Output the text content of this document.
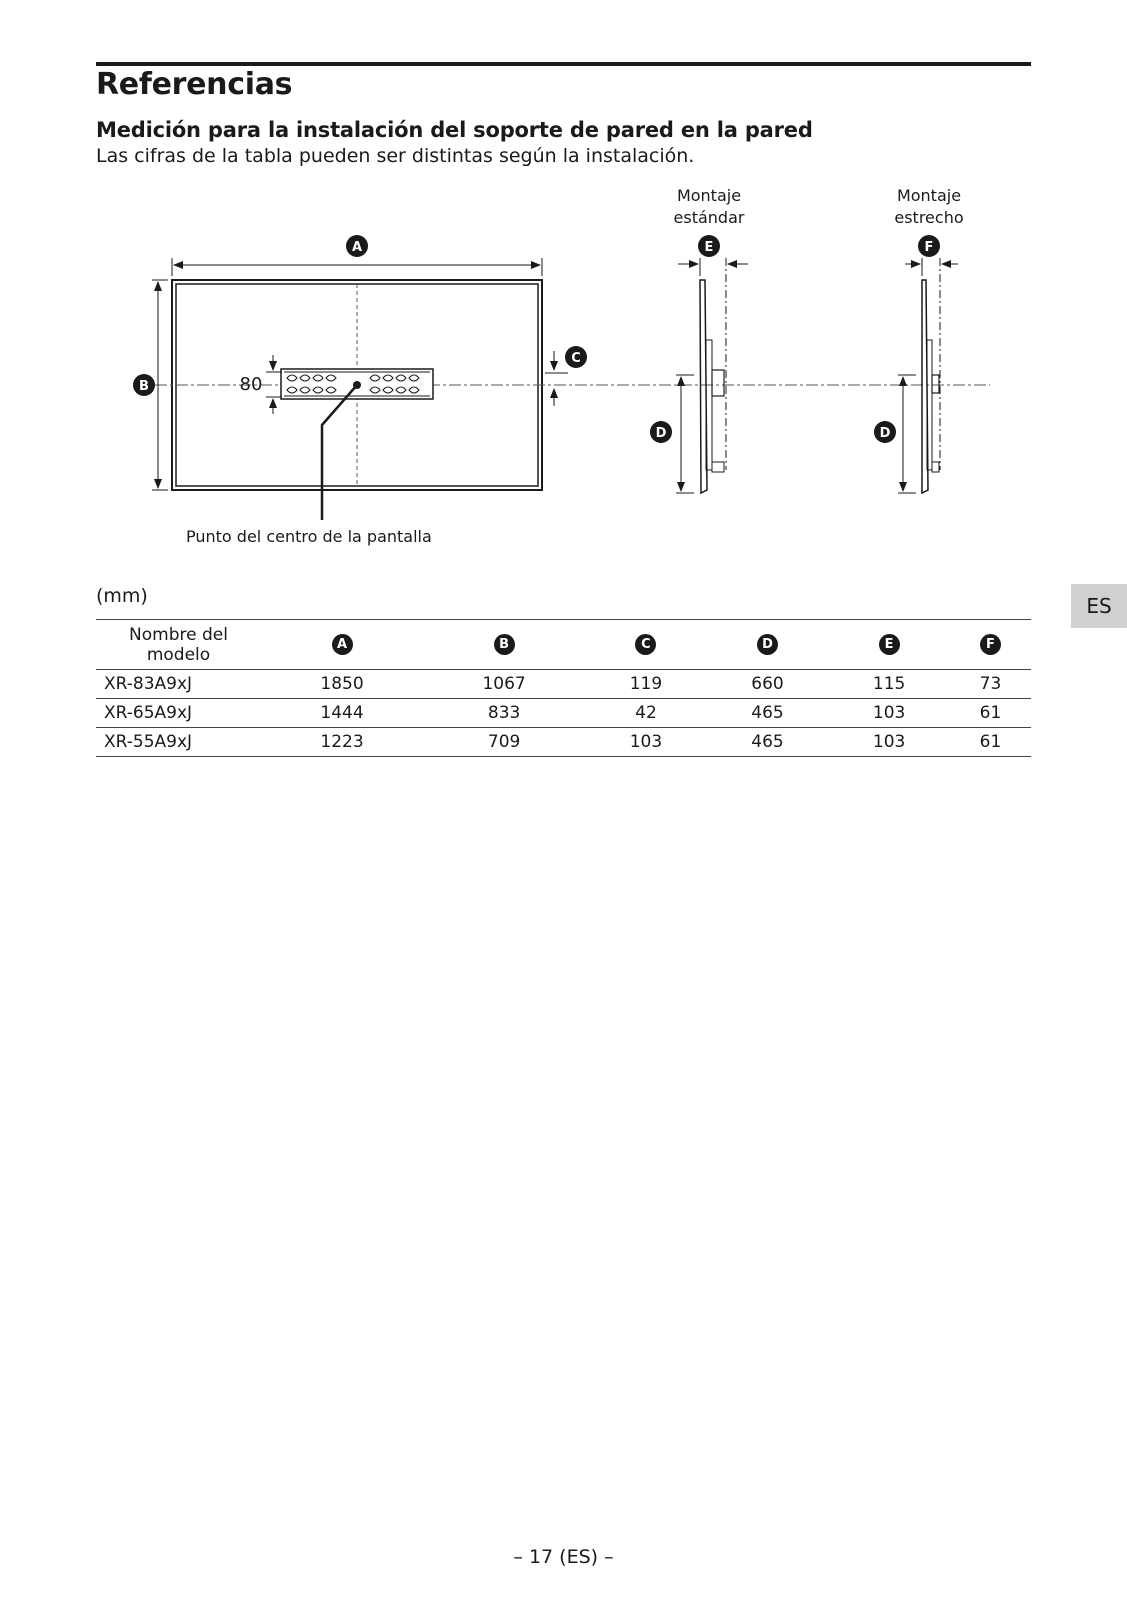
Referencias
Medición para la instalación del soporte de pared en la pared
Las cifras de la tabla pueden ser distintas según la instalación.
A
B
C
D	D
E	F
Montaje
estándar
Montaje
estrecho
80
Punto del centro de la pantalla
(mm)
Nombre del
modelo	A	B	C	D	E	F
XR-83A9xJ	1850	1067	119	660	115	73
XR-65A9xJ	1444	833	42	465	103	61
XR-55A9xJ	1223	709	103	465	103	61
ES
– 17 (ES) –
